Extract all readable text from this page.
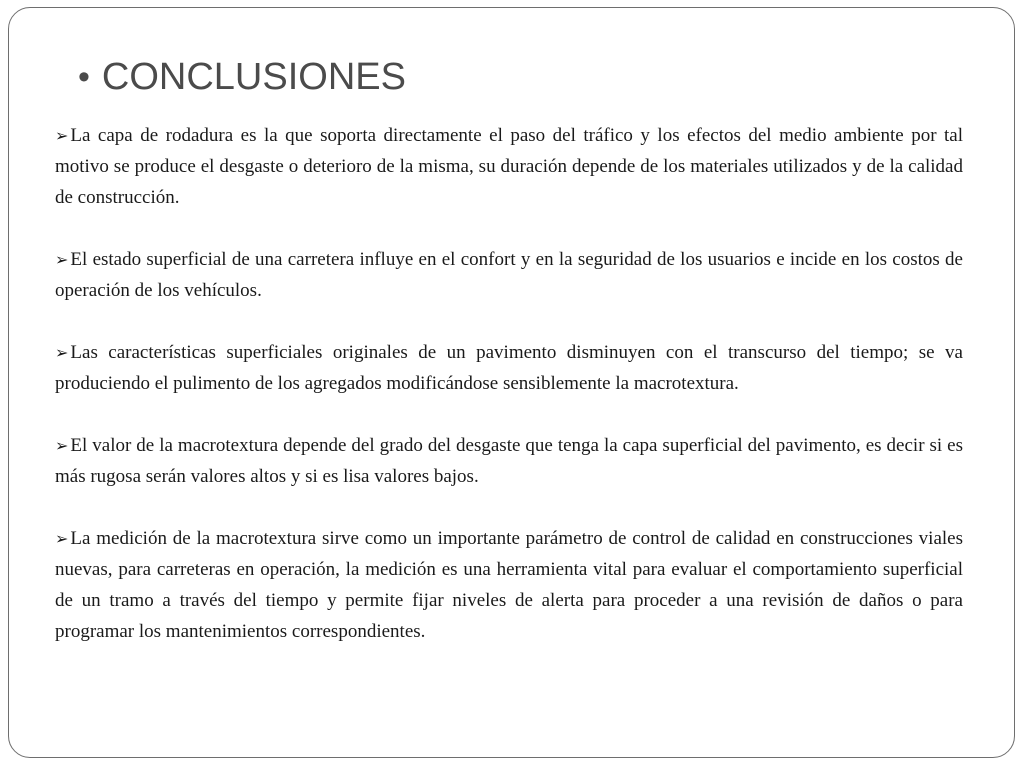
• CONCLUSIONES

➢ La capa de rodadura es la que soporta directamente el paso del tráfico y los efectos del medio ambiente por tal motivo se produce el desgaste o deterioro de la misma, su duración depende de los materiales utilizados y de la calidad de construcción.

➢ El estado superficial de una carretera influye en el confort y en la seguridad de los usuarios e incide en los costos de operación de los vehículos.

➢ Las características superficiales originales de un pavimento disminuyen con el transcurso del tiempo; se va produciendo el pulimento de los agregados modificándose sensiblemente la macrotextura.

➢ El valor de la macrotextura depende del grado del desgaste que tenga la capa superficial del pavimento, es decir si es más rugosa serán valores altos y si es lisa valores bajos.

➢ La medición de la macrotextura sirve como un importante parámetro de control de calidad en construcciones viales nuevas, para carreteras en operación, la medición es una herramienta vital para evaluar el comportamiento superficial de un tramo a través del tiempo y permite fijar niveles de alerta para proceder a una revisión de daños o para programar los mantenimientos correspondientes.
